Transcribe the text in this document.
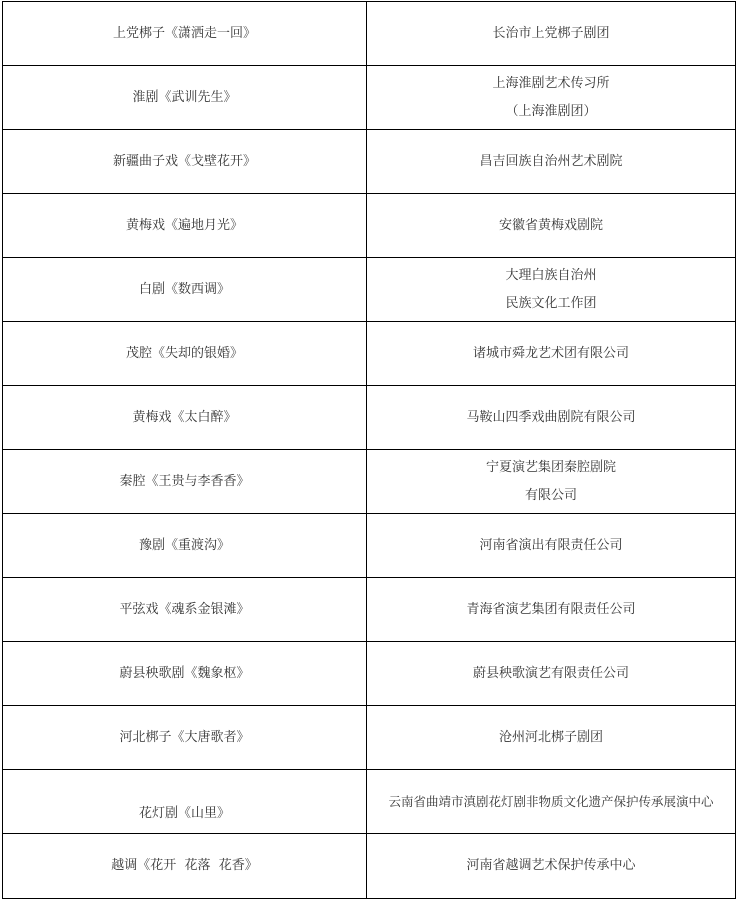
上党梆子《潇洒走一回》	长治市上党梆子剧团

淮剧《武训先生》	上海淮剧艺术传习所
（上海淮剧团）

新疆曲子戏《戈壁花开》	昌吉回族自治州艺术剧院

黄梅戏《遍地月光》	安徽省黄梅戏剧院

白剧《数西调》	大理白族自治州
民族文化工作团

茂腔《失却的银婚》	诸城市舜龙艺术团有限公司

黄梅戏《太白醉》	马鞍山四季戏曲剧院有限公司

秦腔《王贵与李香香》	宁夏演艺集团秦腔剧院
有限公司

豫剧《重渡沟》	河南省演出有限责任公司

平弦戏《魂系金银滩》	青海省演艺集团有限责任公司

蔚县秧歌剧《魏象枢》	蔚县秧歌演艺有限责任公司

河北梆子《大唐歌者》	沧州河北梆子剧团

花灯剧《山里》	云南省曲靖市滇剧花灯剧非物质文化遗产保护传承展演中心

越调《花开  花落  花香》	河南省越调艺术保护传承中心
